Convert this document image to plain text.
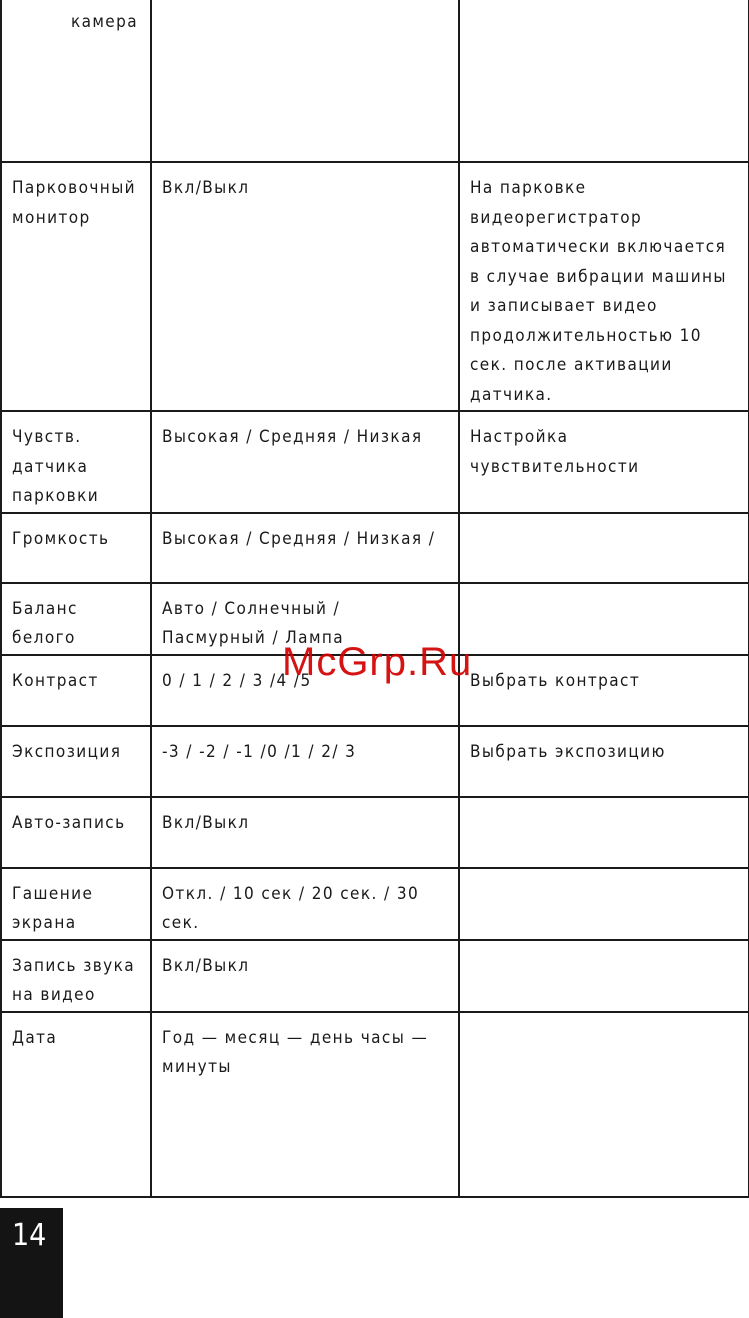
камера		
Парковочный монитор	Вкл/Выкл	На парковке видеорегистратор автоматически включается в случае вибрации машины и записывает видео продолжительностью 10 сек. после активации датчика.
Чувств. датчика парковки	Высокая / Средняя / Низкая	Настройка чувствительности
Громкость	Высокая / Средняя / Низкая /	
Баланс белого	Авто / Солнечный / Пасмурный / Лампа	
Контраст	0 / 1 / 2 / 3 /4 /5	Выбрать контраст
Экспозиция	-3 / -2 / -1 /0 /1 / 2/ 3	Выбрать экспозицию
Авто-запись	Вкл/Выкл	
Гашение экрана	Откл. / 10 сек / 20 сек. / 30 сек.	
Запись звука на видео	Вкл/Выкл	
Дата	Год — месяц — день часы — минуты	
McGrp.Ru
14
